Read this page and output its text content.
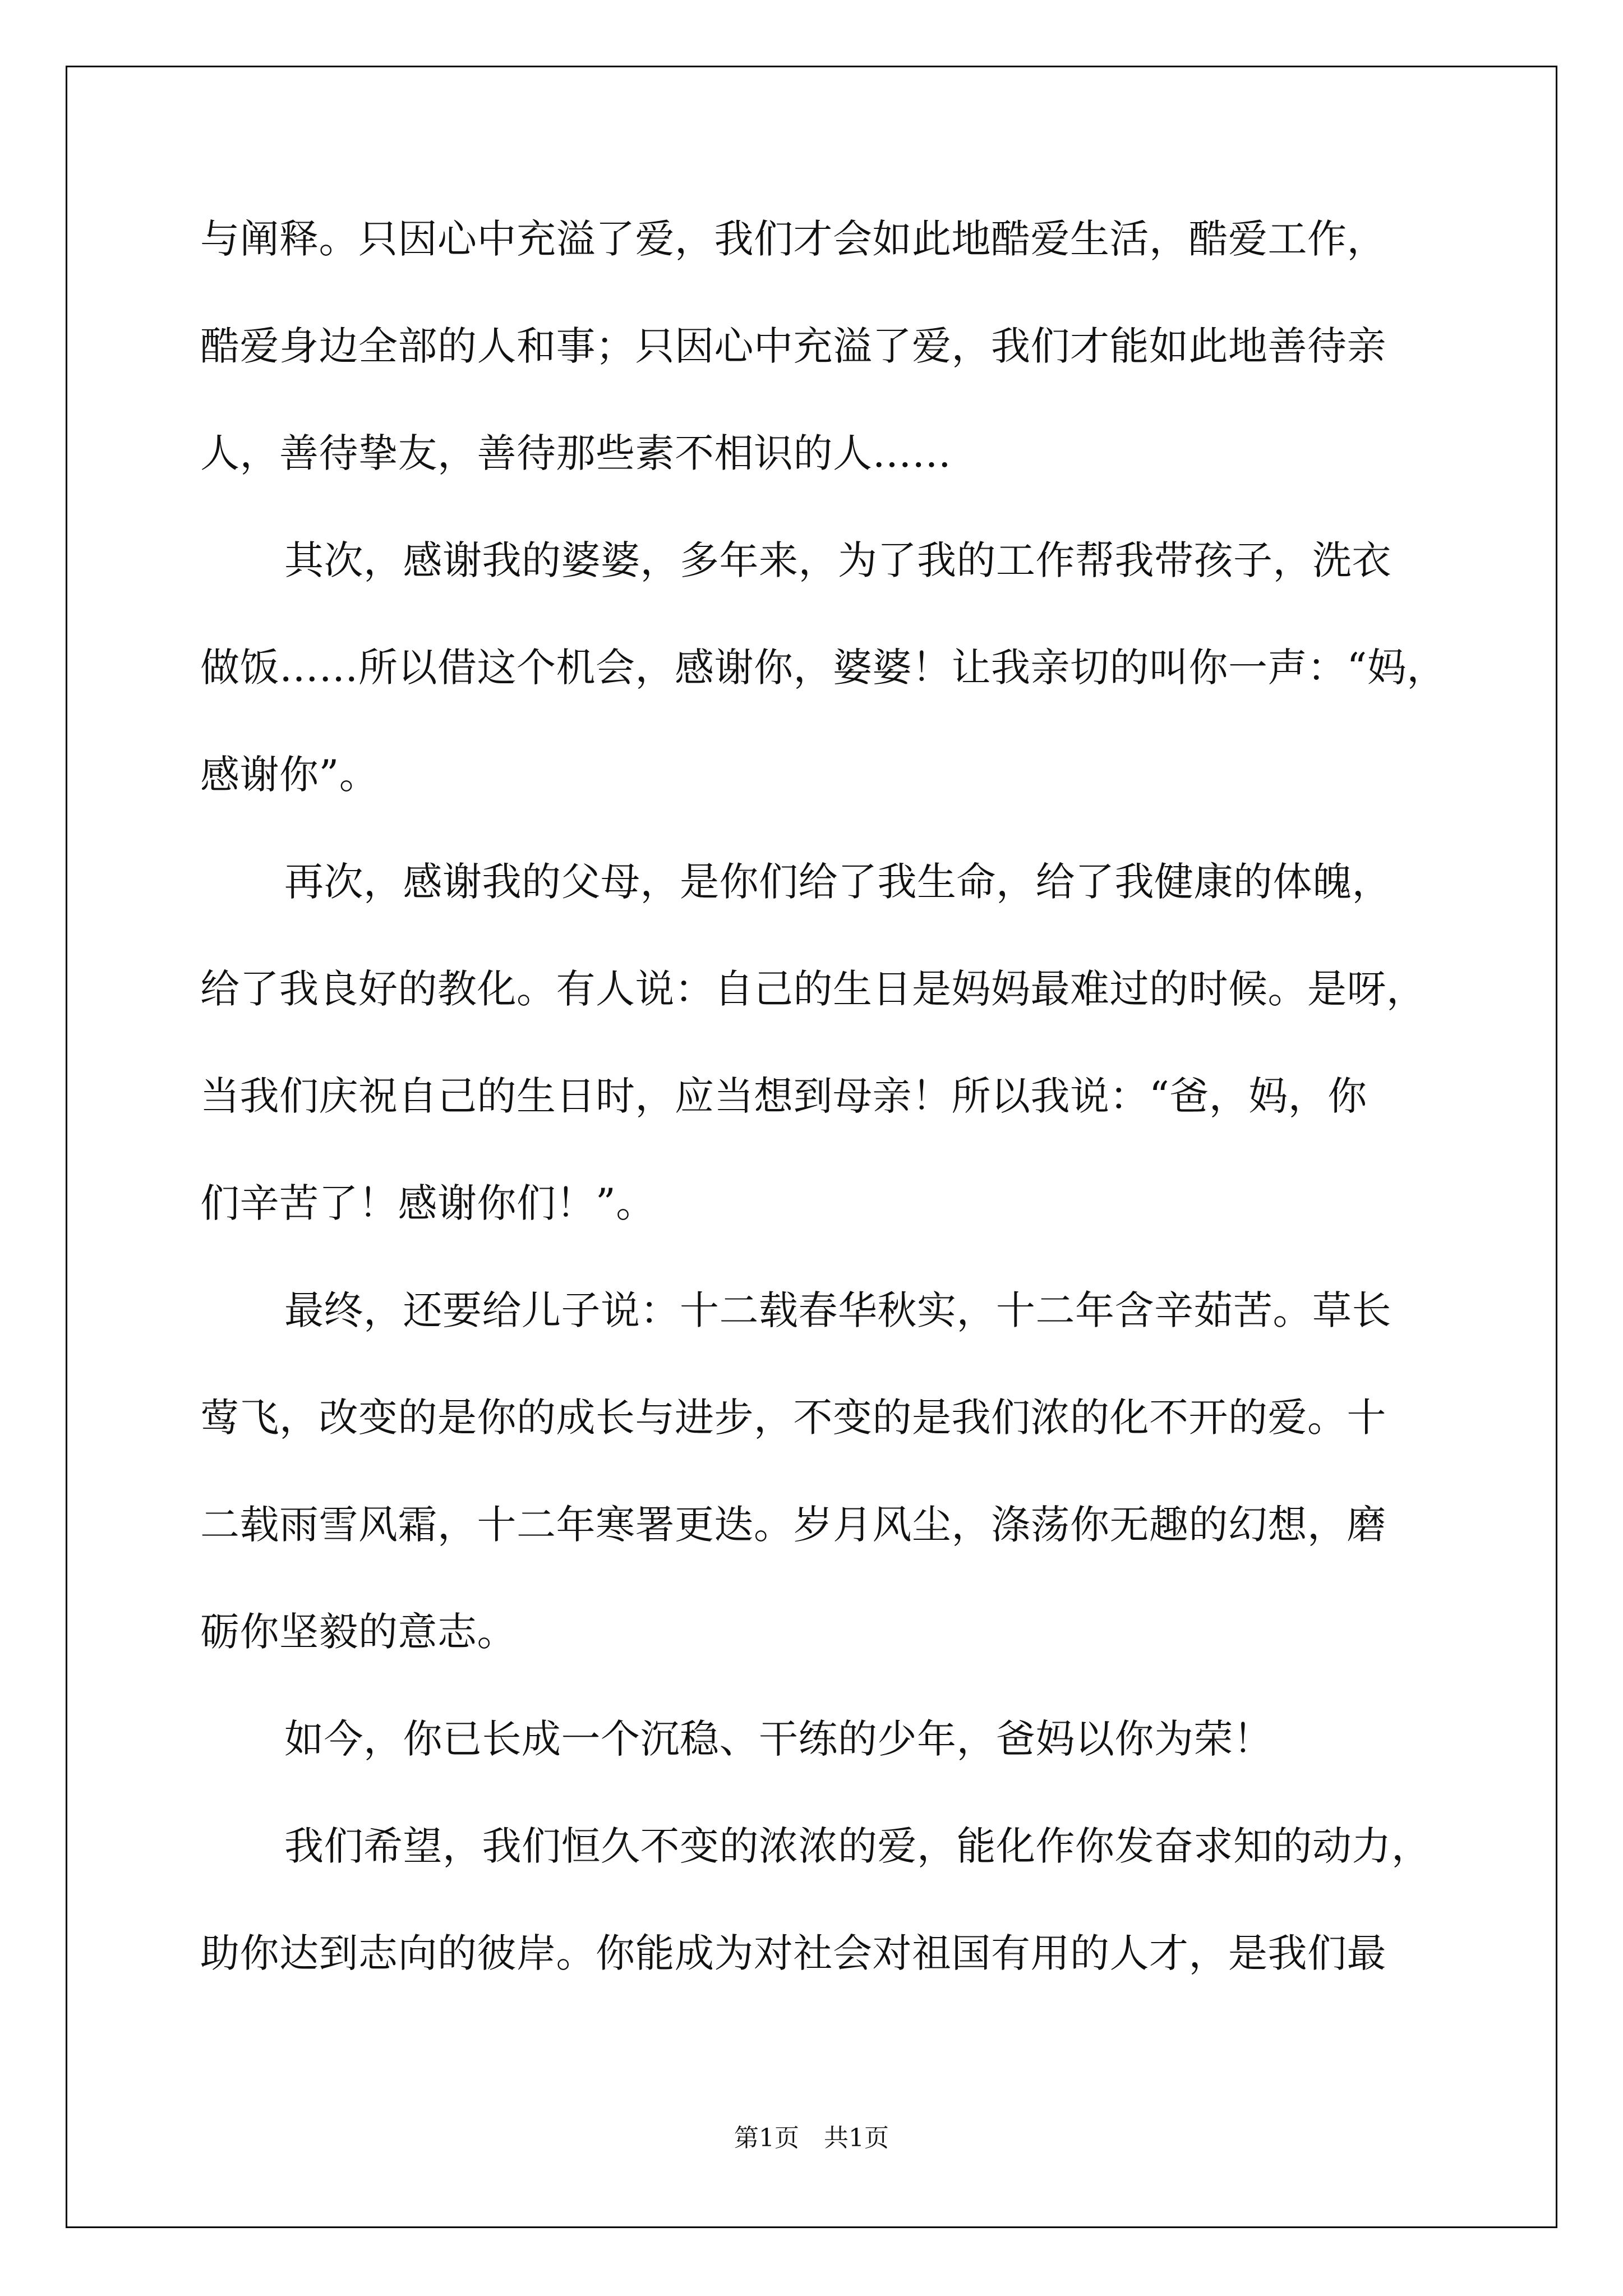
与阐释。只因心中充溢了爱，我们才会如此地酷爱生活，酷爱工作，
酷爱身边全部的人和事；只因心中充溢了爱，我们才能如此地善待亲
人，善待挚友，善待那些素不相识的人……
其次，感谢我的婆婆，多年来，为了我的工作帮我带孩子，洗衣
做饭……所以借这个机会，感谢你，婆婆！让我亲切的叫你一声：“妈，
感谢你”。
再次，感谢我的父母，是你们给了我生命，给了我健康的体魄，
给了我良好的教化。有人说：自己的生日是妈妈最难过的时候。是呀，
当我们庆祝自己的生日时，应当想到母亲！所以我说：“爸，妈，你
们辛苦了！感谢你们！”。
最终，还要给儿子说：十二载春华秋实，十二年含辛茹苦。草长
莺飞，改变的是你的成长与进步，不变的是我们浓的化不开的爱。十
二载雨雪风霜，十二年寒署更迭。岁月风尘，涤荡你无趣的幻想，磨
砺你坚毅的意志。
如今，你已长成一个沉稳、干练的少年，爸妈以你为荣！
我们希望，我们恒久不变的浓浓的爱，能化作你发奋求知的动力，
助你达到志向的彼岸。你能成为对社会对祖国有用的人才，是我们最
第1页 共1页
